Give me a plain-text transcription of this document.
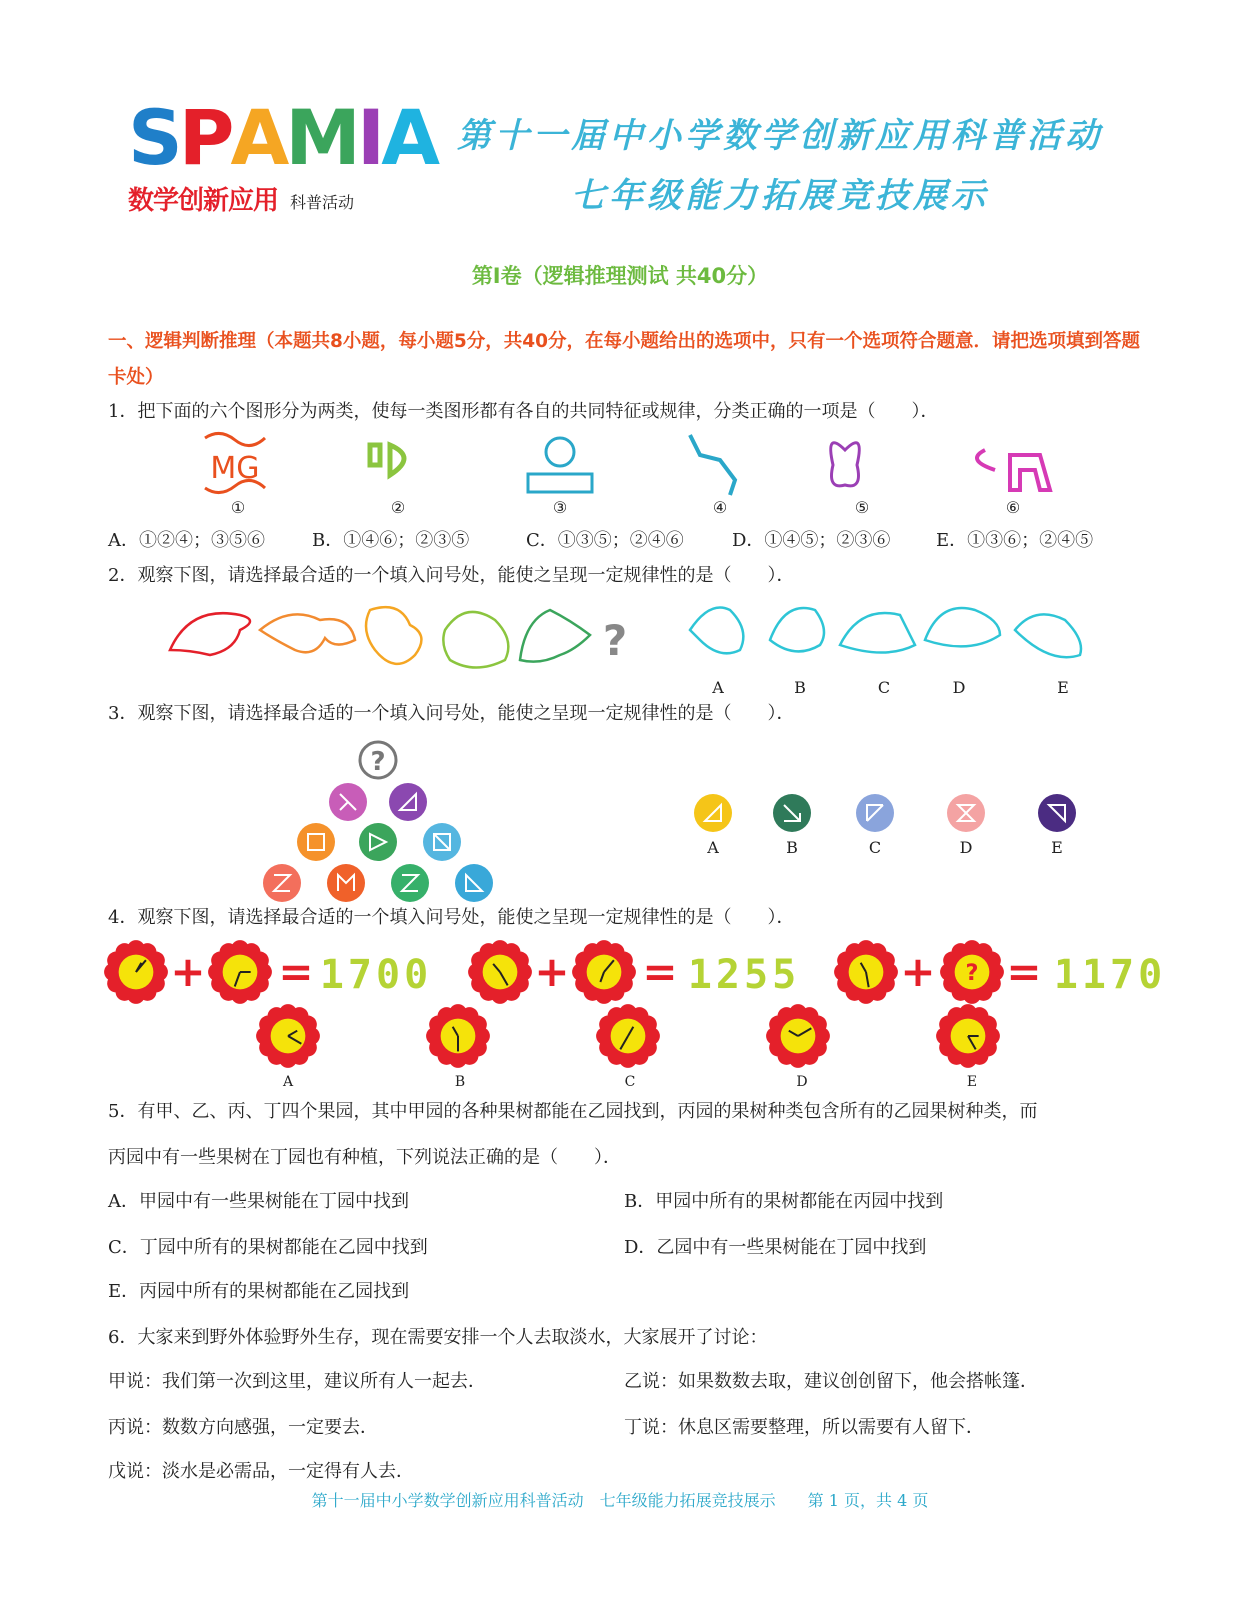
SPAMIA
数学创新应用 科普活动
第十一届中小学数学创新应用科普活动
七年级能力拓展竞技展示
第Ⅰ卷（逻辑推理测试 共40分）
一、逻辑判断推理（本题共8小题，每小题5分，共40分，在每小题给出的选项中，只有一个选项符合题意．请把选项填到答题卡处）
1．把下面的六个图形分为两类，使每一类图形都有各自的共同特征或规律，分类正确的一项是（　　）．
MG
①	②	③	④	⑤	⑥
A．①②④；③⑤⑥	B．①④⑥；②③⑤	C．①③⑤；②④⑥	D．①④⑤；②③⑥	E．①③⑥；②④⑤
2．观察下图，请选择最合适的一个填入问号处，能使之呈现一定规律性的是（　　）．
?
A	B	C	D	E
3．观察下图，请选择最合适的一个填入问号处，能使之呈现一定规律性的是（　　）．
?
A	B	C	D	E
4．观察下图，请选择最合适的一个填入问号处，能使之呈现一定规律性的是（　　）．
?
+ =	+ =	+ =
1700	1255	1170
A	B	C	D	E
5．有甲、乙、丙、丁四个果园，其中甲园的各种果树都能在乙园找到，丙园的果树种类包含所有的乙园果树种类，而
丙园中有一些果树在丁园也有种植，下列说法正确的是（　　）．
A．甲园中有一些果树能在丁园中找到	B．甲园中所有的果树都能在丙园中找到
C．丁园中所有的果树都能在乙园中找到	D．乙园中有一些果树能在丁园中找到
E．丙园中所有的果树都能在乙园找到
6．大家来到野外体验野外生存，现在需要安排一个人去取淡水，大家展开了讨论：
甲说：我们第一次到这里，建议所有人一起去．	乙说：如果数数去取，建议创创留下，他会搭帐篷．
丙说：数数方向感强，一定要去．	丁说：休息区需要整理，所以需要有人留下．
戊说：淡水是必需品，一定得有人去．
第十一届中小学数学创新应用科普活动　七年级能力拓展竞技展示　　第 1 页，共 4 页
